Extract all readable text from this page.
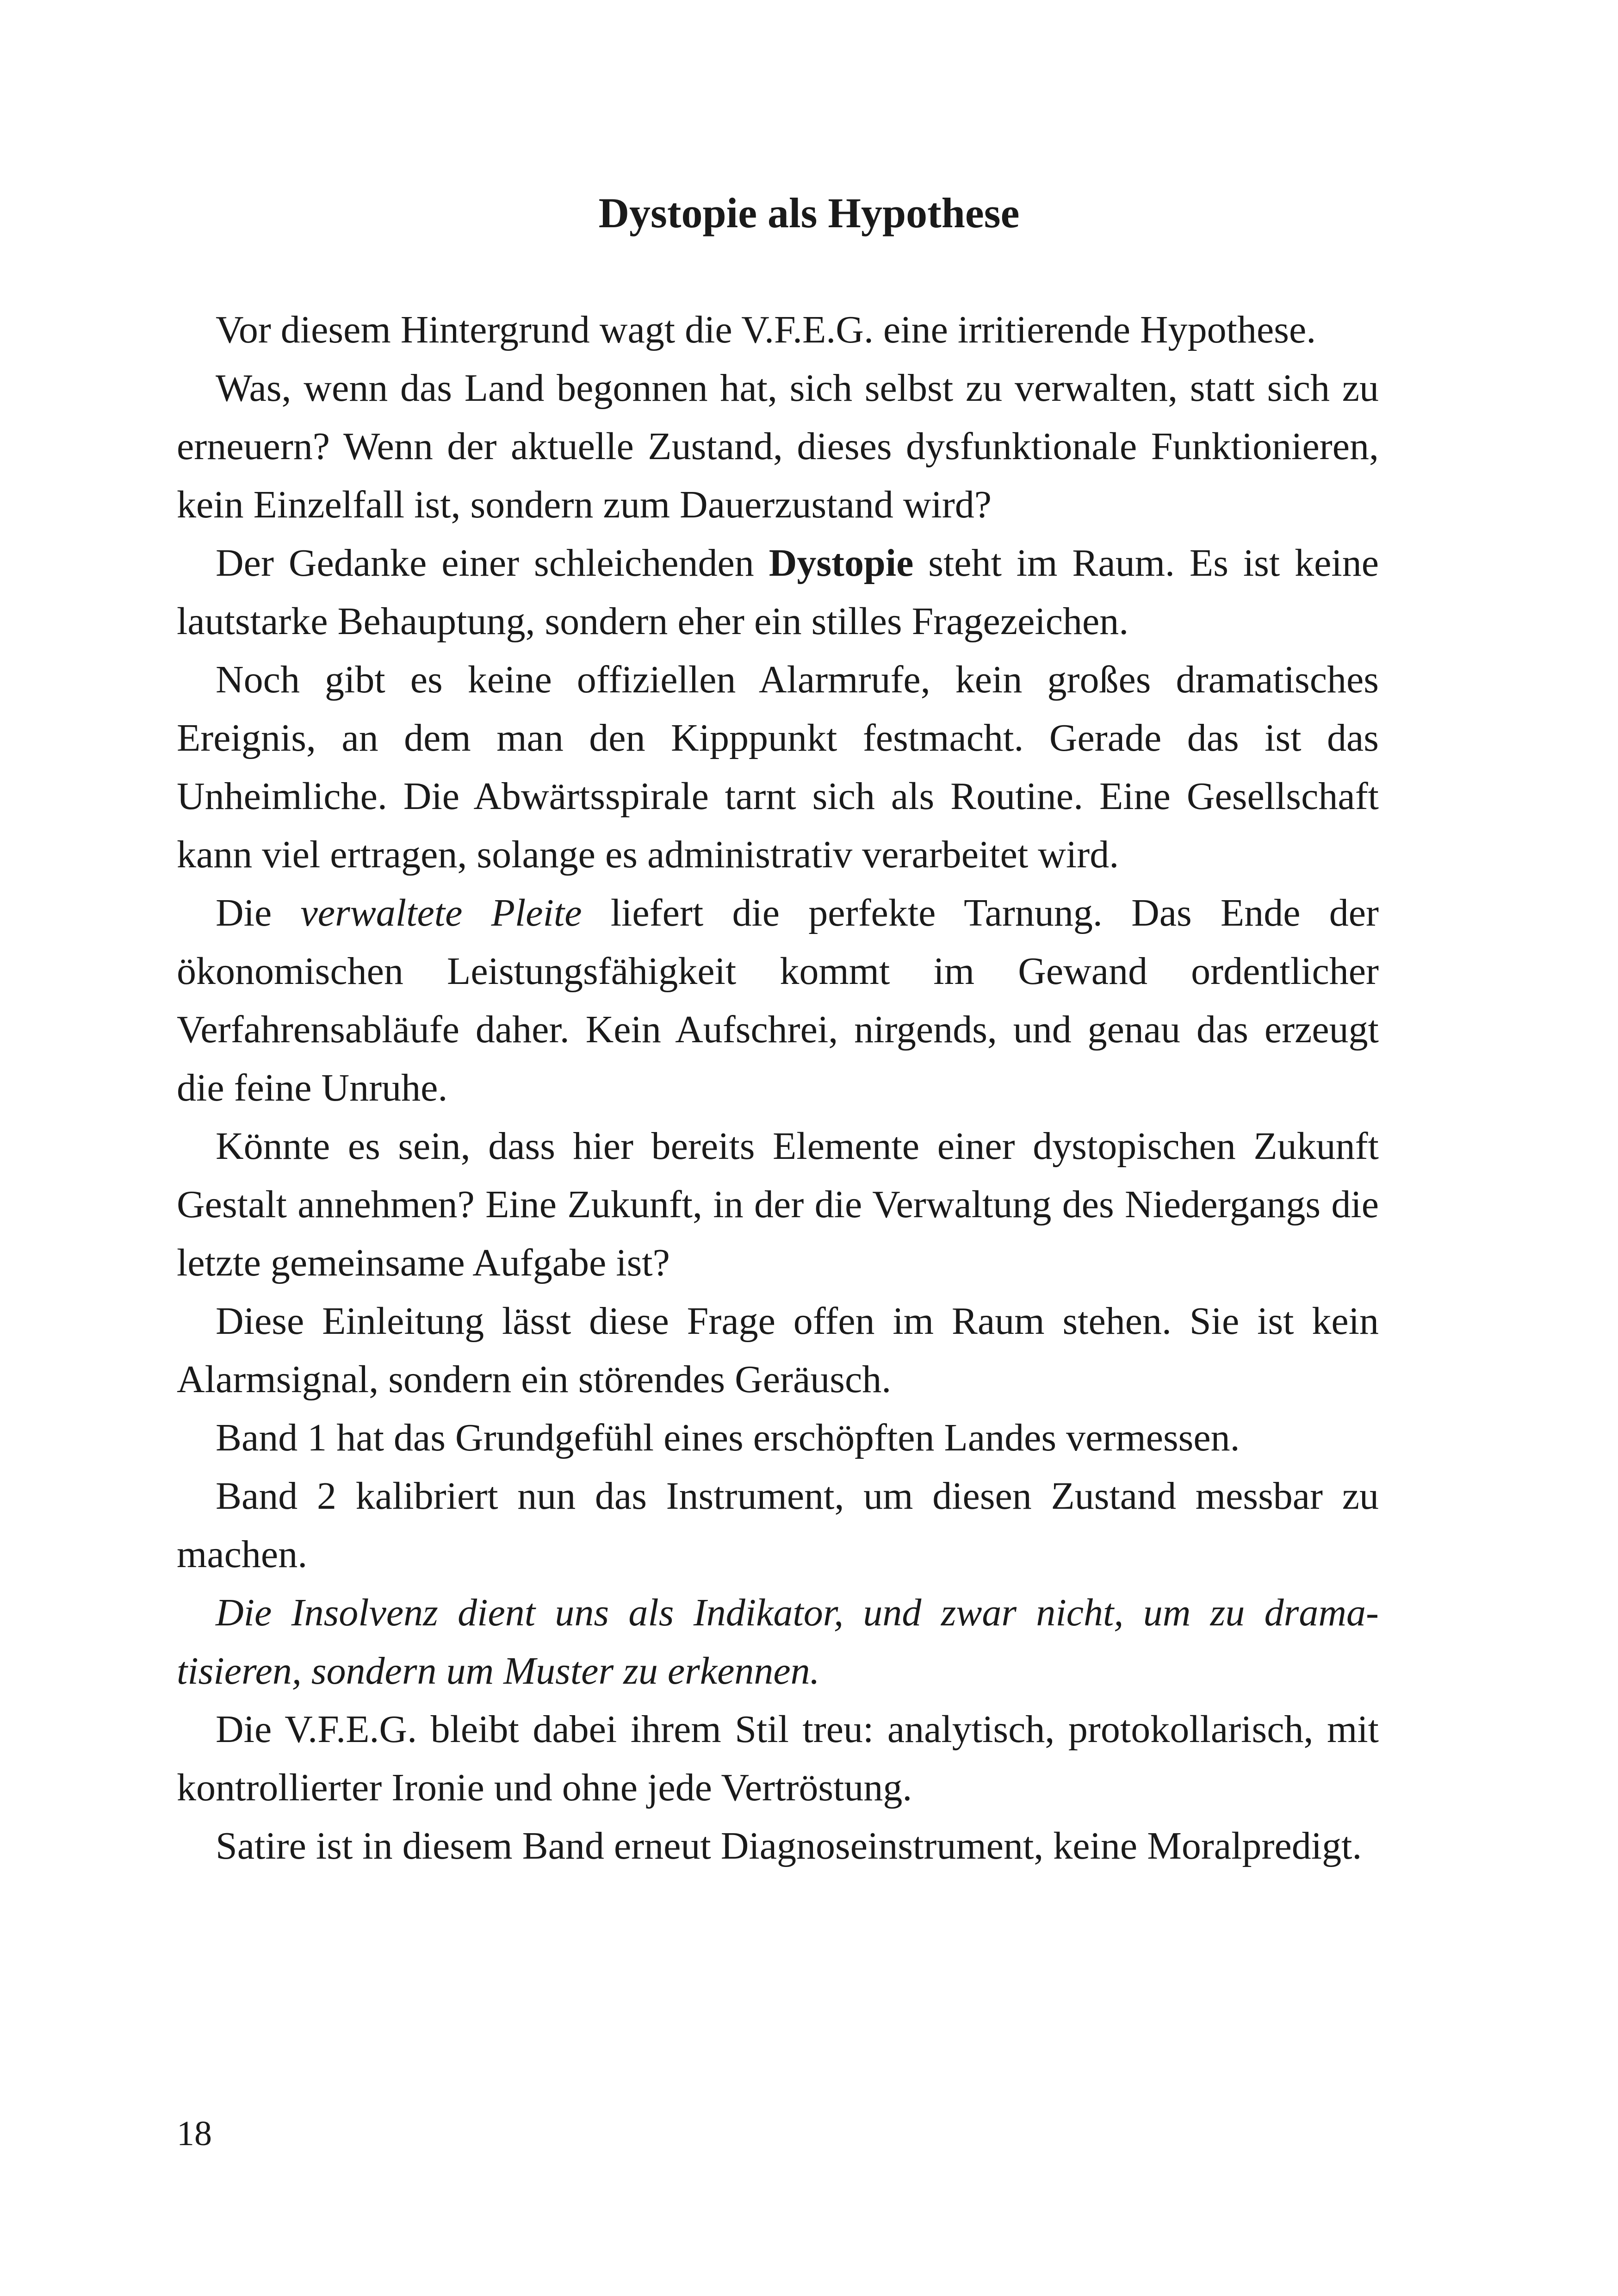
Dystopie als Hypothese

Vor diesem Hintergrund wagt die V.F.E.G. eine irritierende Hypothese.

Was, wenn das Land begonnen hat, sich selbst zu verwalten, statt sich zu erneuern? Wenn der aktuelle Zustand, dieses dysfunktionale Funktionieren, kein Einzelfall ist, sondern zum Dauerzustand wird?

Der Gedanke einer schleichenden Dystopie steht im Raum. Es ist keine lautstarke Behauptung, sondern eher ein stilles Fragezeichen.

Noch gibt es keine offiziellen Alarmrufe, kein großes dramatisches Ereignis, an dem man den Kipppunkt festmacht. Gerade das ist das Unheimliche. Die Abwärtsspirale tarnt sich als Routine. Eine Gesellschaft kann viel ertragen, solange es administrativ verarbeitet wird.

Die verwaltete Pleite liefert die perfekte Tarnung. Das Ende der ökonomischen Leistungsfähigkeit kommt im Gewand ordentlicher Verfahrensabläufe daher. Kein Aufschrei, nirgends, und genau das erzeugt die feine Unruhe.

Könnte es sein, dass hier bereits Elemente einer dystopischen Zukunft Gestalt annehmen? Eine Zukunft, in der die Verwaltung des Niedergangs die letzte gemeinsame Aufgabe ist?

Diese Einleitung lässt diese Frage offen im Raum stehen. Sie ist kein Alarmsignal, sondern ein störendes Geräusch.

Band 1 hat das Grundgefühl eines erschöpften Landes vermessen.

Band 2 kalibriert nun das Instrument, um diesen Zustand messbar zu machen.

Die Insolvenz dient uns als Indikator, und zwar nicht, um zu dramatisieren, sondern um Muster zu erkennen.

Die V.F.E.G. bleibt dabei ihrem Stil treu: analytisch, protokollarisch, mit kontrollierter Ironie und ohne jede Vertröstung.

Satire ist in diesem Band erneut Diagnoseinstrument, keine Moralpredigt.

18
